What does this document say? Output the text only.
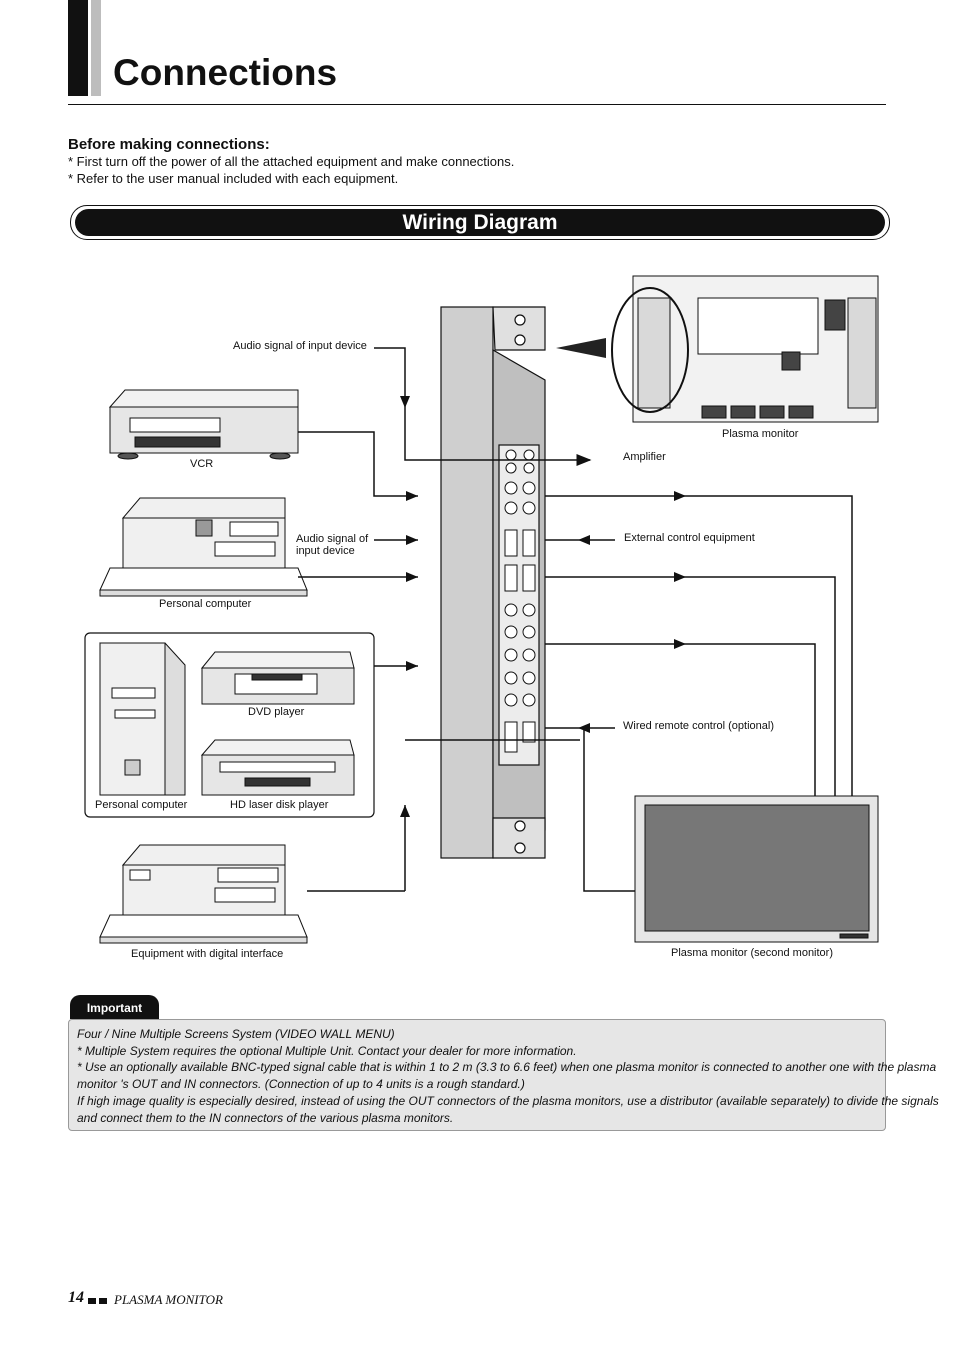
Connections
Before making connections:
* First turn off the power of all the attached equipment and make connections.
* Refer to the user manual included with each equipment.
Wiring Diagram
Audio signal of input device
VCR
Audio signal of
input device
Personal computer
DVD player
Personal computer	HD laser disk player
Equipment with digital interface
Plasma monitor
Amplifier
External control equipment
Wired remote control (optional)
Plasma monitor (second monitor)
Important
Four / Nine Multiple Screens System (VIDEO WALL MENU)
* Multiple System requires the optional Multiple Unit. Contact your dealer for more information.
* Use an optionally available BNC-typed signal cable that is within 1 to 2 m (3.3 to 6.6 feet) when one plasma monitor is connected to another one with the plasma
monitor 's OUT and IN connectors. (Connection of up to 4 units is a rough standard.)
If high image quality is especially desired, instead of using the OUT connectors of the plasma monitors, use a distributor (available separately) to divide the signals
and connect them to the IN connectors of the various plasma monitors.
14 PLASMA MONITOR
